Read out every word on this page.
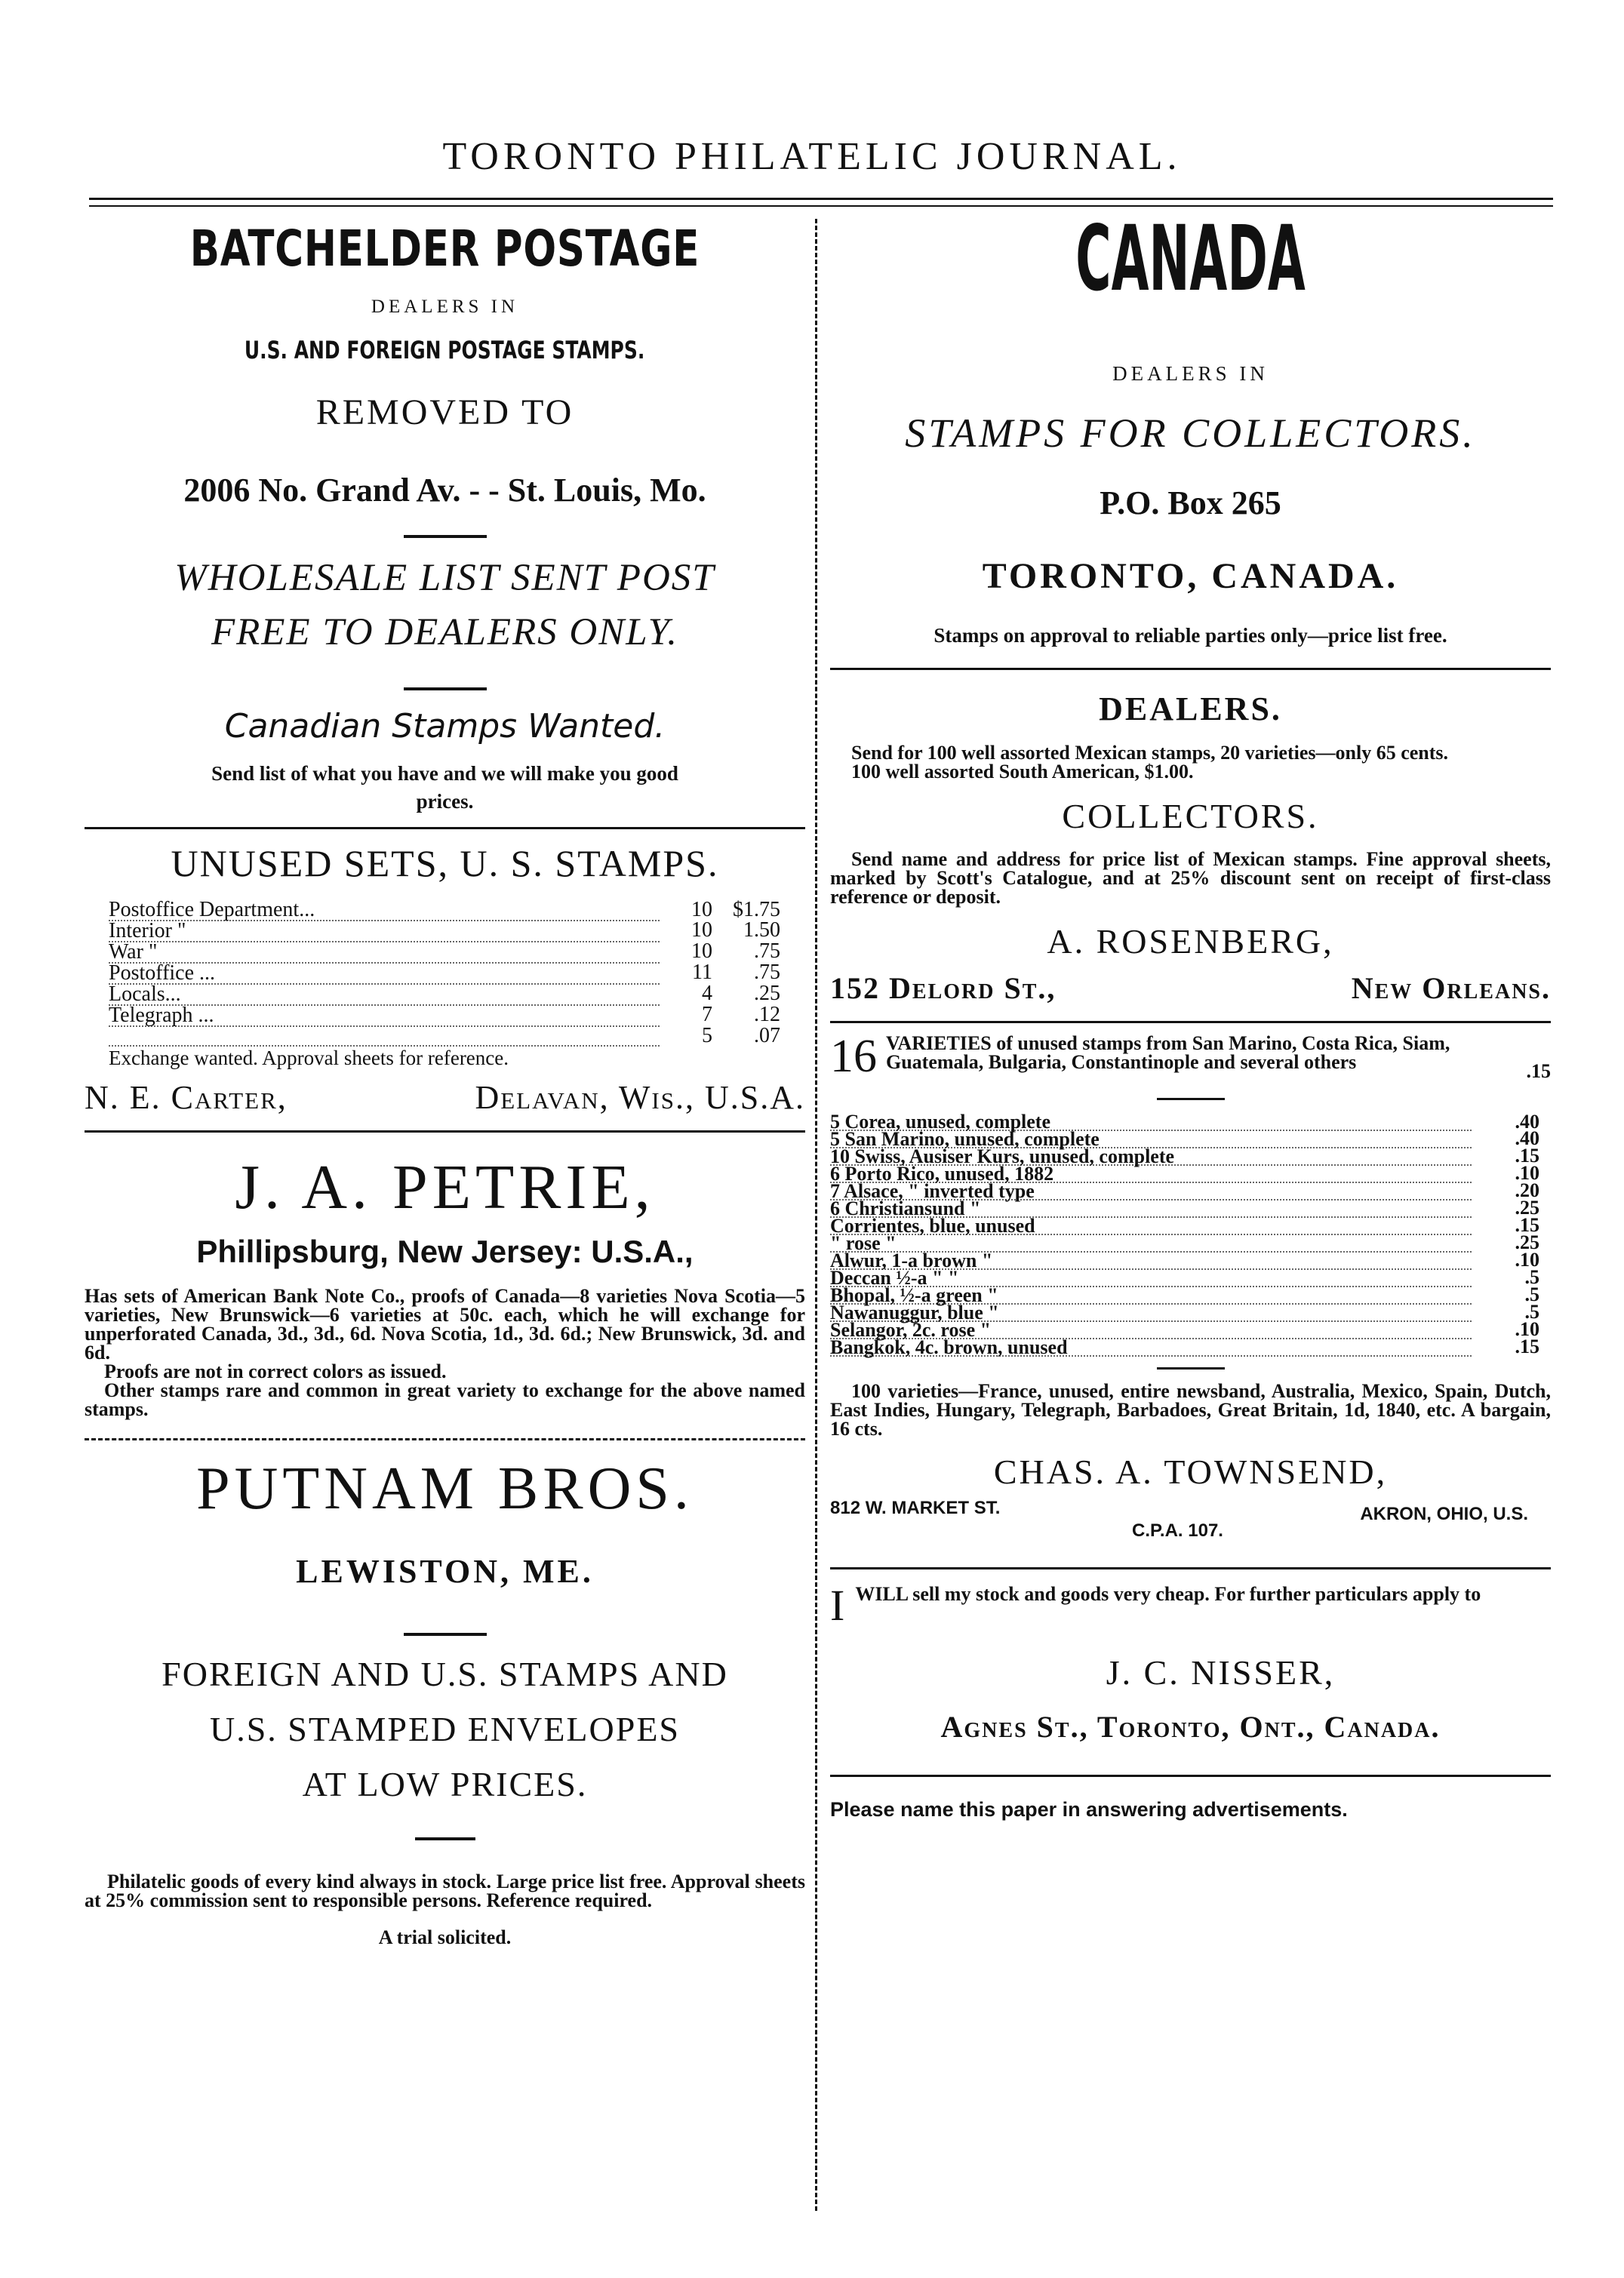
TORONTO PHILATELIC JOURNAL.
BATCHELDER POSTAGE
DEALERS IN
U.S. AND FOREIGN POSTAGE STAMPS.
REMOVED TO
2006 No. Grand Av. - - St. Louis, Mo.
WHOLESALE LIST SENT POST
FREE TO DEALERS ONLY.
Canadian Stamps Wanted.
Send list of what you have and we will make you good
prices.
UNUSED SETS, U. S. STAMPS.
Postoffice Department...	10	$1.75
Interior "	10	1.50
War "	10	.75
Postoffice ...	11	.75
Locals...	4	.25
Telegraph ...	7	.12
	5	.07
Exchange wanted. Approval sheets for reference.
N. E. Carter,	Delavan, Wis., U.S.A.
J. A. PETRIE,
Phillipsburg, New Jersey: U.S.A.,
Has sets of American Bank Note Co., proofs of Canada—8 varieties Nova Scotia—5 varieties, New Brunswick—6 varieties at 50c. each, which he will exchange for unperforated Canada, 3d., 3d., 6d. Nova Scotia, 1d., 3d. 6d.; New Brunswick, 3d. and 6d.
Proofs are not in correct colors as issued.
Other stamps rare and common in great variety to exchange for the above named stamps.
PUTNAM BROS.
LEWISTON, ME.
FOREIGN AND U.S. STAMPS AND
U.S. STAMPED ENVELOPES
AT LOW PRICES.
Philatelic goods of every kind always in stock. Large price list free. Approval sheets at 25% commission sent to responsible persons. Reference required.
A trial solicited.
CANADA
DEALERS IN
STAMPS FOR COLLECTORS.
P.O. Box 265
TORONTO, CANADA.
Stamps on approval to reliable parties only—price list free.
DEALERS.
Send for 100 well assorted Mexican stamps, 20 varieties—only 65 cents.
100 well assorted South American, $1.00.
COLLECTORS.
Send name and address for price list of Mexican stamps. Fine approval sheets, marked by Scott's Catalogue, and at 25% discount sent on receipt of first-class reference or deposit.
A. ROSENBERG,
152 Delord St.,	New Orleans.
16 VARIETIES of unused stamps from San Marino, Costa Rica, Siam, Guatemala, Bulgaria, Constantinople and several others	.15
5 Corea, unused, complete	.40
5 San Marino, unused, complete	.40
10 Swiss, Ausiser Kurs, unused, complete	.15
6 Porto Rico, unused, 1882	.10
7 Alsace, " inverted type	.20
6 Christiansund "	.25
Corrientes, blue, unused	.15
" rose "	.25
Alwur, 1-a brown "	.10
Deccan ½-a " "	.5
Bhopal, ½-a green "	.5
Nawanuggur, blue "	.5
Selangor, 2c. rose "	.10
Bangkok, 4c. brown, unused	.15
100 varieties—France, unused, entire newsband, Australia, Mexico, Spain, Dutch, East Indies, Hungary, Telegraph, Barbadoes, Great Britain, 1d, 1840, etc. A bargain, 16 cts.
CHAS. A. TOWNSEND,
812 W. MARKET ST.
C.P.A. 107.
AKRON, OHIO, U.S.
I WILL sell my stock and goods very cheap. For further particulars apply to
J. C. NISSER,
Agnes St., Toronto, Ont., Canada.
Please name this paper in answering advertisements.
